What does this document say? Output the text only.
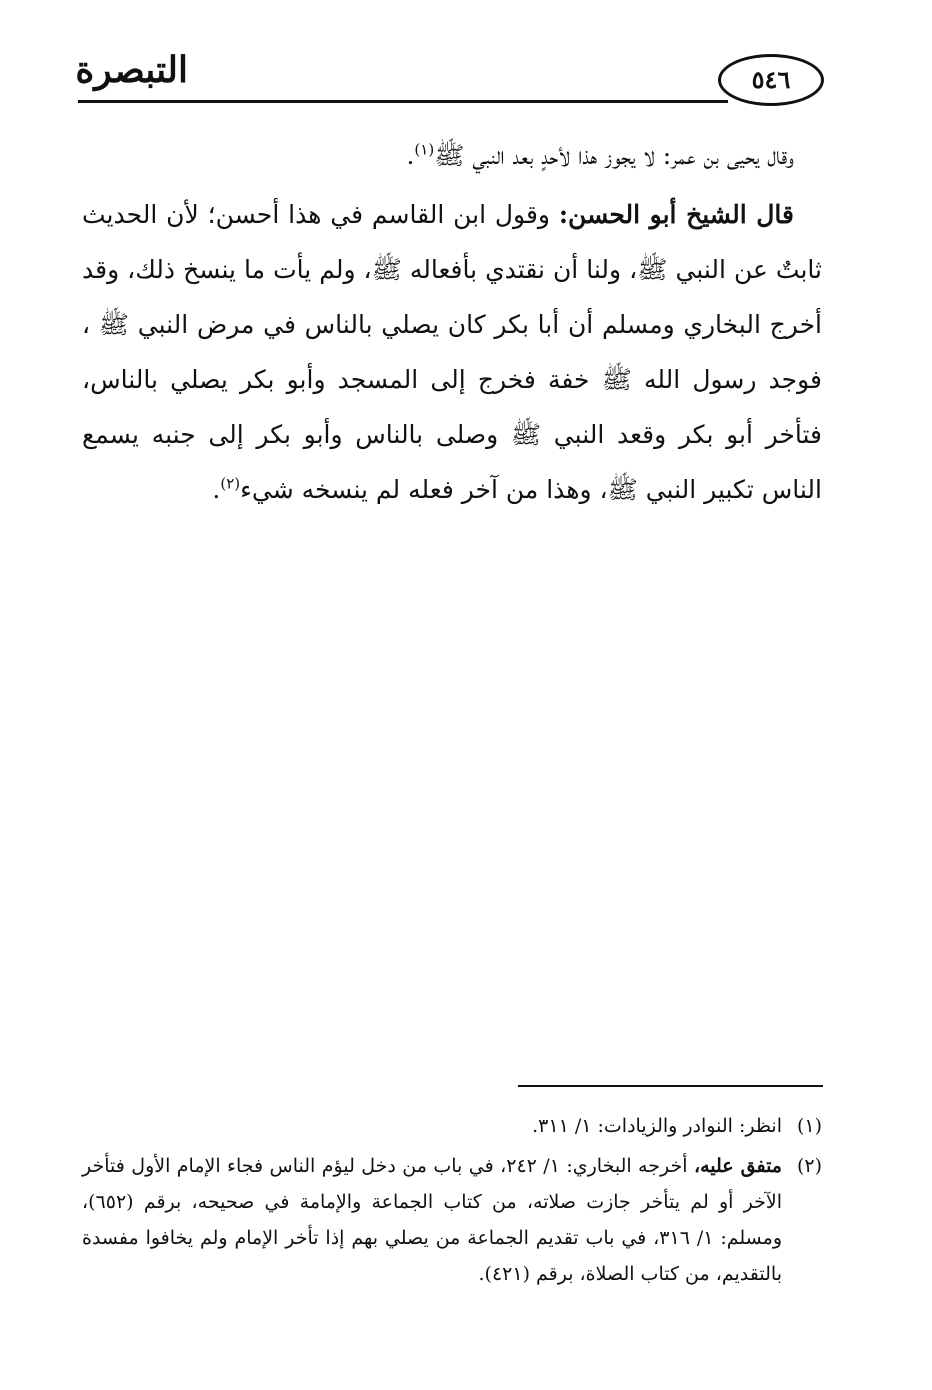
التبصرة	٥٤٦

وقال يحيى بن عمر: لا يجوز هذا لأحدٍ بعد النبي ﷺ$^{(١)}$.

قال الشيخ أبو الحسن: وقول ابن القاسم في هذا أحسن؛ لأن الحديث ثابتٌ عن النبي ﷺ، ولنا أن نقتدي بأفعاله ﷺ، ولم يأت ما ينسخ ذلك، وقد أخرج البخاري ومسلم أن أبا بكر كان يصلي بالناس في مرض النبي ﷺ ، فوجد رسول الله ﷺ خفة فخرج إلى المسجد وأبو بكر يصلي بالناس، فتأخر أبو بكر وقعد النبي ﷺ وصلى بالناس وأبو بكر إلى جنبه يسمع الناس تكبير النبي ﷺ، وهذا من آخر فعله لم ينسخه شيء$^{(٢)}$.

(١)
انظر: النوادر والزيادات: ١/ ٣١١.

(٢)
متفق عليه، أخرجه البخاري: ١/ ٢٤٢، في باب من دخل ليؤم الناس فجاء الإمام الأول فتأخر الآخر أو لم يتأخر جازت صلاته، من كتاب الجماعة والإمامة في صحيحه، برقم (٦٥٢)، ومسلم: ١/ ٣١٦، في باب تقديم الجماعة من يصلي بهم إذا تأخر الإمام ولم يخافوا مفسدة بالتقديم، من كتاب الصلاة، برقم (٤٢١).
